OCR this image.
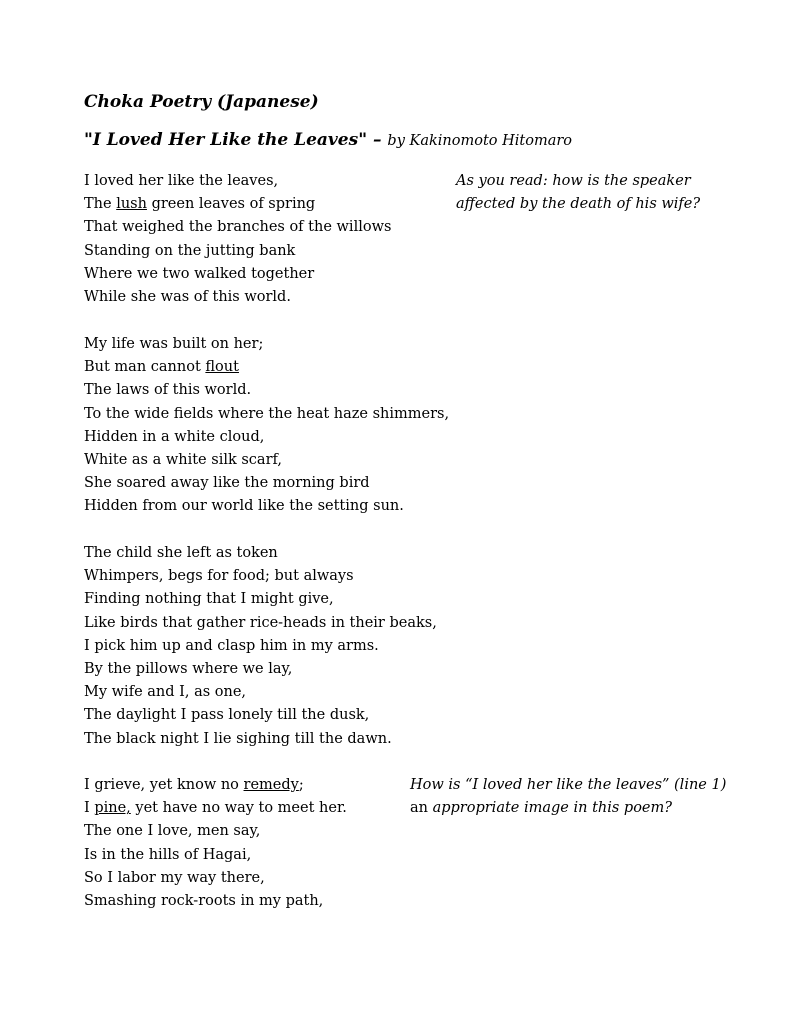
Choka Poetry (Japanese)
"I Loved Her Like the Leaves" – by Kakinomoto Hitomaro
I loved her like the leaves,
The lush green leaves of spring
That weighed the branches of the willows
Standing on the jutting bank
Where we two walked together
While she was of this world.
My life was built on her;
But man cannot flout
The laws of this world.
To the wide fields where the heat haze shimmers,
Hidden in a white cloud,
White as a white silk scarf,
She soared away like the morning bird
Hidden from our world like the setting sun.
The child she left as token
Whimpers, begs for food; but always
Finding nothing that I might give,
Like birds that gather rice-heads in their beaks,
I pick him up and clasp him in my arms.
By the pillows where we lay,
My wife and I, as one,
The daylight I pass lonely till the dusk,
The black night I lie sighing till the dawn.
I grieve, yet know no remedy;
I pine, yet have no way to meet her.
The one I love, men say,
Is in the hills of Hagai,
So I labor my way there,
Smashing rock-roots in my path,
As you read: how is the speaker
affected by the death of his wife?
How is “I loved her like the leaves” (line 1)
an appropriate image in this poem?
